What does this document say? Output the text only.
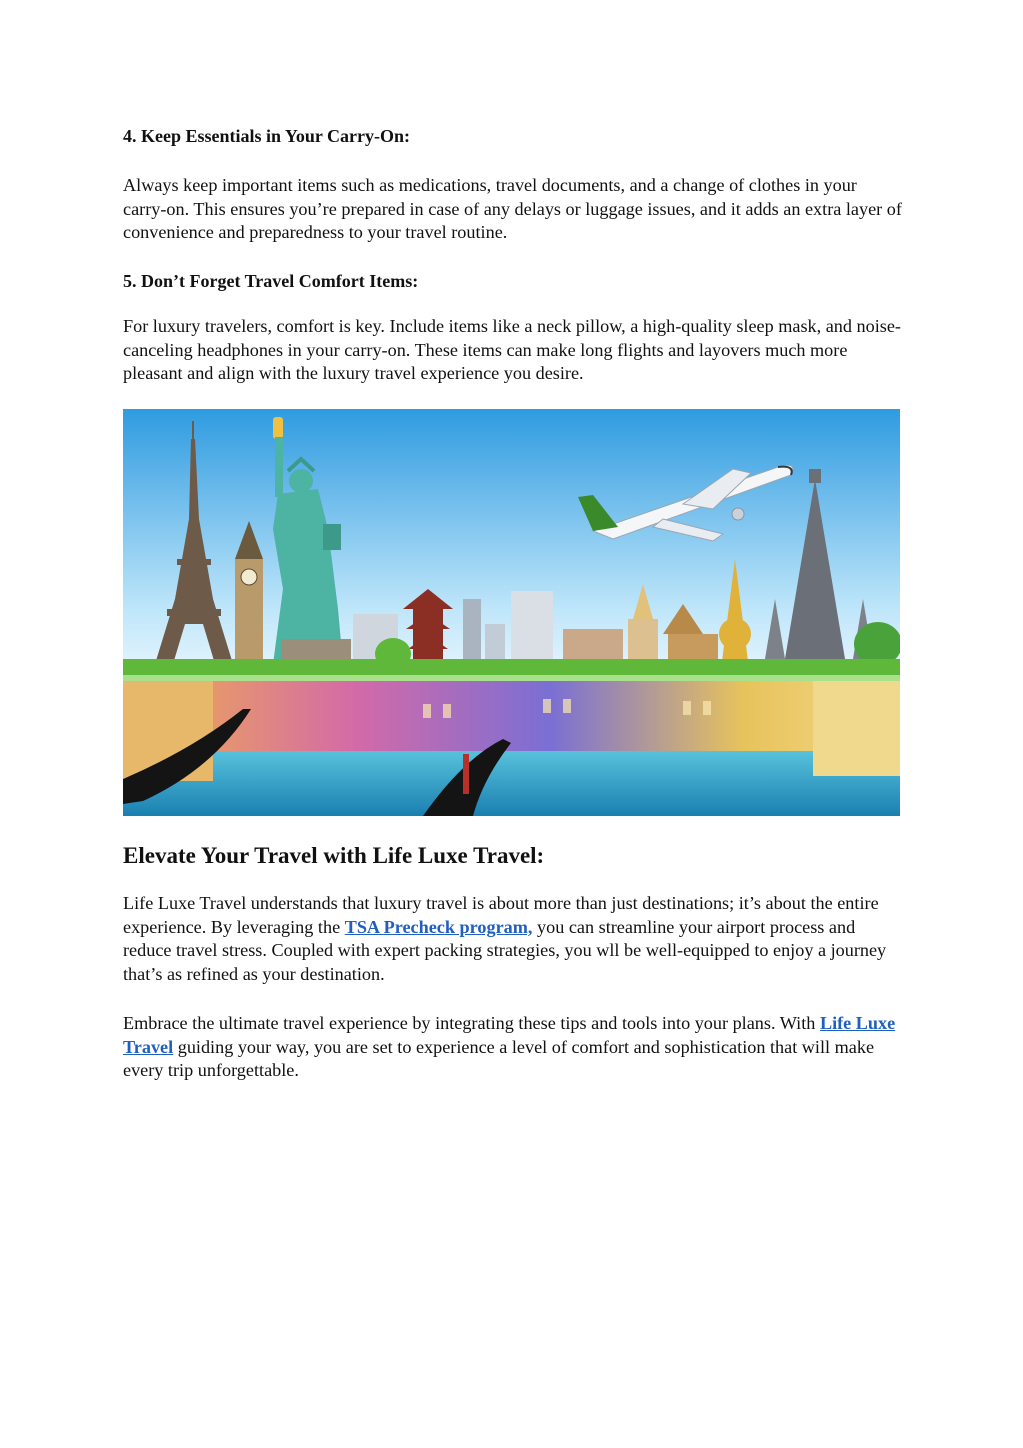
4. Keep Essentials in Your Carry-On:

Always keep important items such as medications, travel documents, and a change of clothes in your carry-on. This ensures you’re prepared in case of any delays or luggage issues, and it adds an extra layer of convenience and preparedness to your travel routine.

5. Don’t Forget Travel Comfort Items:

For luxury travelers, comfort is key. Include items like a neck pillow, a high-quality sleep mask, and noise-canceling headphones in your carry-on. These items can make long flights and layovers much more pleasant and align with the luxury travel experience you desire.

Elevate Your Travel with Life Luxe Travel:

Life Luxe Travel understands that luxury travel is about more than just destinations; it’s about the entire experience. By leveraging the TSA Precheck program, you can streamline your airport process and reduce travel stress. Coupled with expert packing strategies, you wll be well-equipped to enjoy a journey that’s as refined as your destination.

Embrace the ultimate travel experience by integrating these tips and tools into your plans. With Life Luxe Travel guiding your way, you are set to experience a level of comfort and sophistication that will make every trip unforgettable.
